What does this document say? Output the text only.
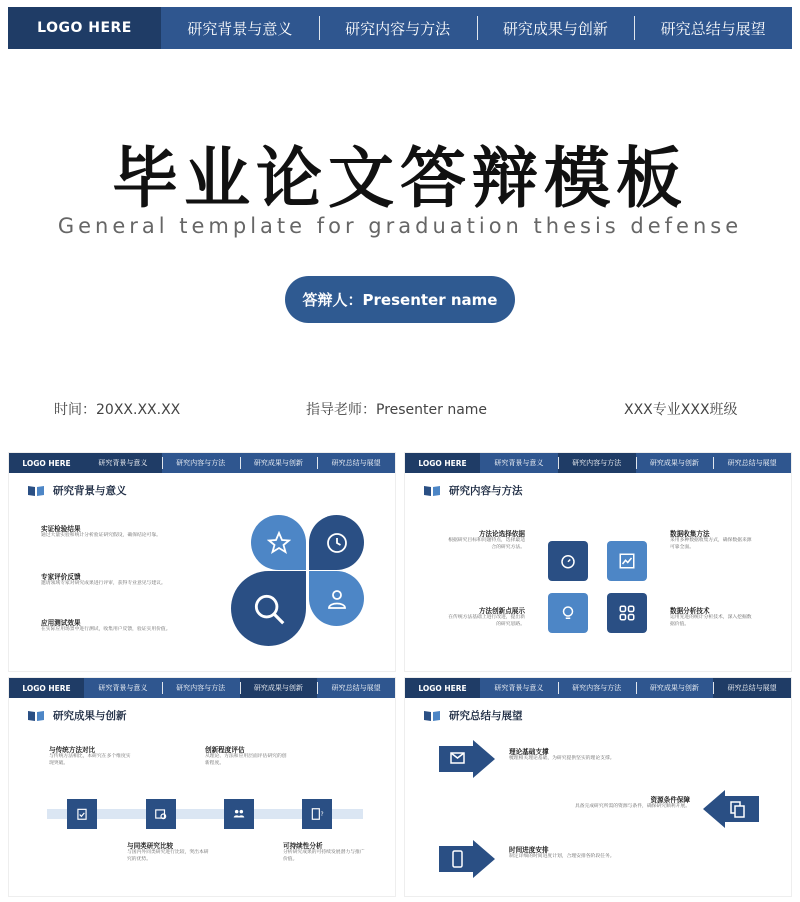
LOGO HERE	研究背景与意义	研究内容与方法	研究成果与创新	研究总结与展望
毕业论文答辩模板
General template for graduation thesis defense
答辩人：Presenter name
时间：20XX.XX.XX	指导老师：Presenter name	XXX专业XXX班级
LOGO HERE	研究背景与意义	研究内容与方法	研究成果与创新	研究总结与展望
研究背景与意义
实证检验结果
通过大量实验和统计分析验证研究假设，确保结论可靠。
专家评价反馈
邀请领域专家对研究成果进行评审，获得专业意见与建议。
应用测试效果
在实际应用场景中进行测试，收集用户反馈，验证实用价值。
LOGO HERE	研究背景与意义	研究内容与方法	研究成果与创新	研究总结与展望
研究内容与方法
方法论选择依据
根据研究目标和问题特点，选择最适合的研究方法。
数据收集方法
采用多种数据收集方式，确保数据来源可靠全面。
方法创新点展示
在传统方法基础上进行改进，提出新的研究思路。
数据分析技术
运用先进的统计分析技术，深入挖掘数据价值。
LOGO HERE	研究背景与意义	研究内容与方法	研究成果与创新	研究总结与展望
研究成果与创新
与传统方法对比
与传统方法相比，本研究在多个维度实现突破。
创新程度评估
从理论、方法和应用层面评估研究的创新程度。
?
与同类研究比较
与国内外同类研究进行比较，突出本研究的优势。
可持续性分析
分析研究成果的可持续发展潜力与推广价值。
LOGO HERE	研究背景与意义	研究内容与方法	研究成果与创新	研究总结与展望
研究总结与展望
理论基础支撑
梳理相关理论基础，为研究提供坚实的理论支撑。
资源条件保障
具备完成研究所需的资源与条件，确保研究顺利开展。
时间进度安排
制定详细的时间进度计划，合理安排各阶段任务。
